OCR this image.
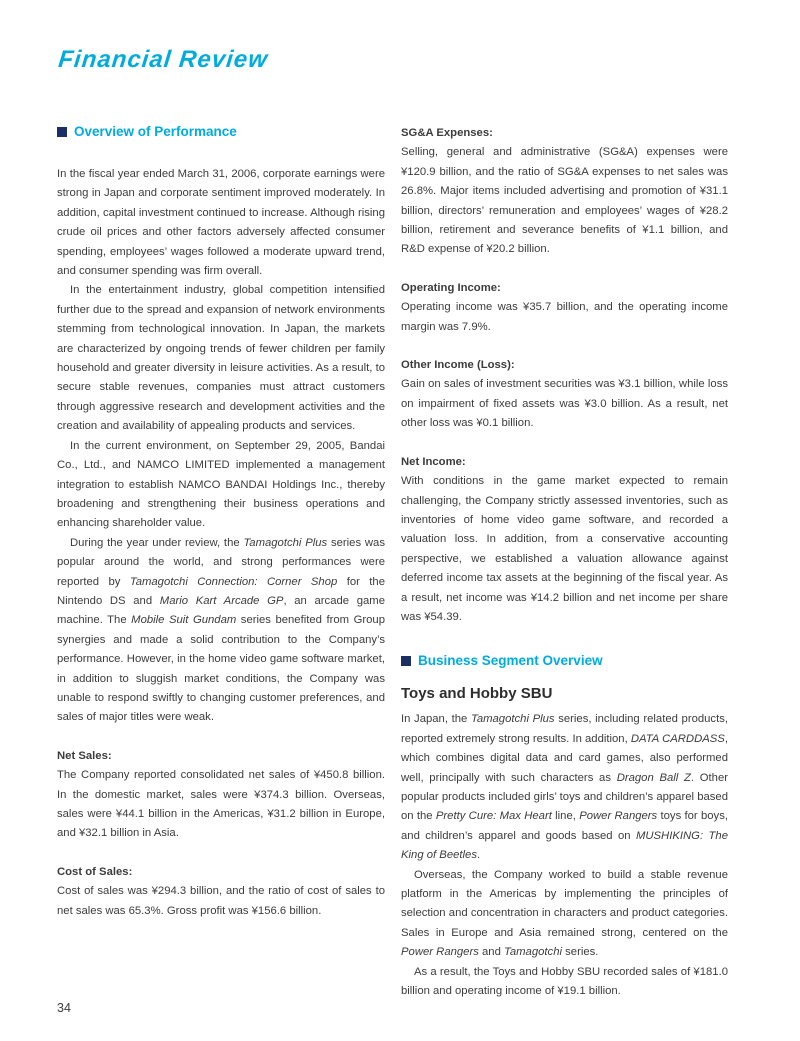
Financial Review
Overview of Performance

In the fiscal year ended March 31, 2006, corporate earnings were strong in Japan and corporate sentiment improved moderately. In addition, capital investment continued to increase. Although rising crude oil prices and other factors adversely affected consumer spending, employees’ wages followed a moderate upward trend, and consumer spending was firm overall.

In the entertainment industry, global competition intensified further due to the spread and expansion of network environments stemming from technological innovation. In Japan, the markets are characterized by ongoing trends of fewer children per family household and greater diversity in leisure activities. As a result, to secure stable revenues, companies must attract customers through aggressive research and development activities and the creation and availability of appealing products and services.

In the current environment, on September 29, 2005, Bandai Co., Ltd., and NAMCO LIMITED implemented a management integration to establish NAMCO BANDAI Holdings Inc., thereby broadening and strengthening their business operations and enhancing shareholder value.

During the year under review, the Tamagotchi Plus series was popular around the world, and strong performances were reported by Tamagotchi Connection: Corner Shop for the Nintendo DS and Mario Kart Arcade GP, an arcade game machine. The Mobile Suit Gundam series benefited from Group synergies and made a solid contribution to the Company’s performance. However, in the home video game software market, in addition to sluggish market conditions, the Company was unable to respond swiftly to changing customer preferences, and sales of major titles were weak.

Net Sales:

The Company reported consolidated net sales of ¥450.8 billion. In the domestic market, sales were ¥374.3 billion. Overseas, sales were ¥44.1 billion in the Americas, ¥31.2 billion in Europe, and ¥32.1 billion in Asia.

Cost of Sales:

Cost of sales was ¥294.3 billion, and the ratio of cost of sales to net sales was 65.3%. Gross profit was ¥156.6 billion.

SG&A Expenses:

Selling, general and administrative (SG&A) expenses were ¥120.9 billion, and the ratio of SG&A expenses to net sales was 26.8%. Major items included advertising and promotion of ¥31.1 billion, directors’ remuneration and employees’ wages of ¥28.2 billion, retirement and severance benefits of ¥1.1 billion, and R&D expense of ¥20.2 billion.

Operating Income:

Operating income was ¥35.7 billion, and the operating income margin was 7.9%.

Other Income (Loss):

Gain on sales of investment securities was ¥3.1 billion, while loss on impairment of fixed assets was ¥3.0 billion. As a result, net other loss was ¥0.1 billion.

Net Income:

With conditions in the game market expected to remain challenging, the Company strictly assessed inventories, such as inventories of home video game software, and recorded a valuation loss. In addition, from a conservative accounting perspective, we established a valuation allowance against deferred income tax assets at the beginning of the fiscal year. As a result, net income was ¥14.2 billion and net income per share was ¥54.39.

Business Segment Overview
Toys and Hobby SBU

In Japan, the Tamagotchi Plus series, including related products, reported extremely strong results. In addition, DATA CARDDASS, which combines digital data and card games, also performed well, principally with such characters as Dragon Ball Z. Other popular products included girls’ toys and children’s apparel based on the Pretty Cure: Max Heart line, Power Rangers toys for boys, and children’s apparel and goods based on MUSHIKING: The King of Beetles.

Overseas, the Company worked to build a stable revenue platform in the Americas by implementing the principles of selection and concentration in characters and product categories. Sales in Europe and Asia remained strong, centered on the Power Rangers and Tamagotchi series.

As a result, the Toys and Hobby SBU recorded sales of ¥181.0 billion and operating income of ¥19.1 billion.

34
